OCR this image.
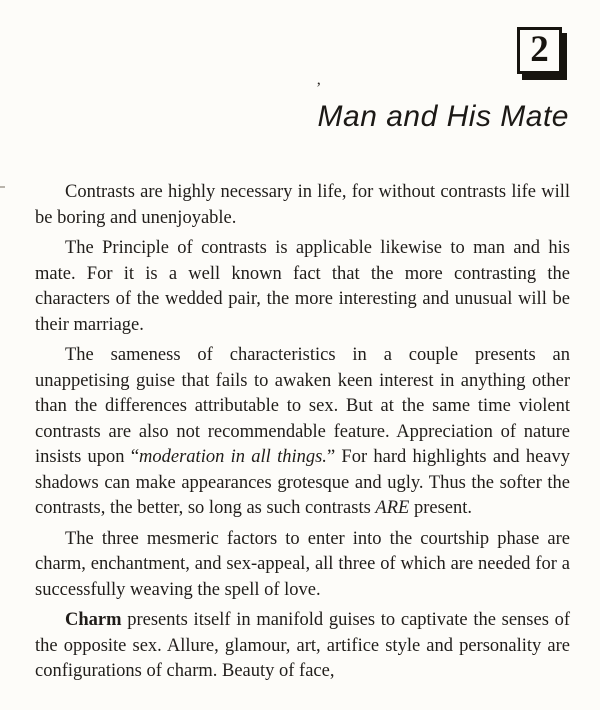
2
’
Man and His Mate

Contrasts are highly necessary in life, for without contrasts life will be boring and unenjoyable.

The Principle of contrasts is applicable likewise to man and his mate. For it is a well known fact that the more contrasting the characters of the wedded pair, the more interesting and unusual will be their marriage.

The sameness of characteristics in a couple presents an unappetising guise that fails to awaken keen interest in anything other than the differences attributable to sex. But at the same time violent contrasts are also not recommendable feature. Appreciation of nature insists upon “moderation in all things.” For hard highlights and heavy shadows can make appearances grotesque and ugly. Thus the softer the contrasts, the better, so long as such contrasts ARE present.

The three mesmeric factors to enter into the courtship phase are charm, enchantment, and sex-appeal, all three of which are needed for a successfully weaving the spell of love.

Charm presents itself in manifold guises to captivate the senses of the opposite sex. Allure, glamour, art, artifice style and personality are configurations of charm. Beauty of face,
